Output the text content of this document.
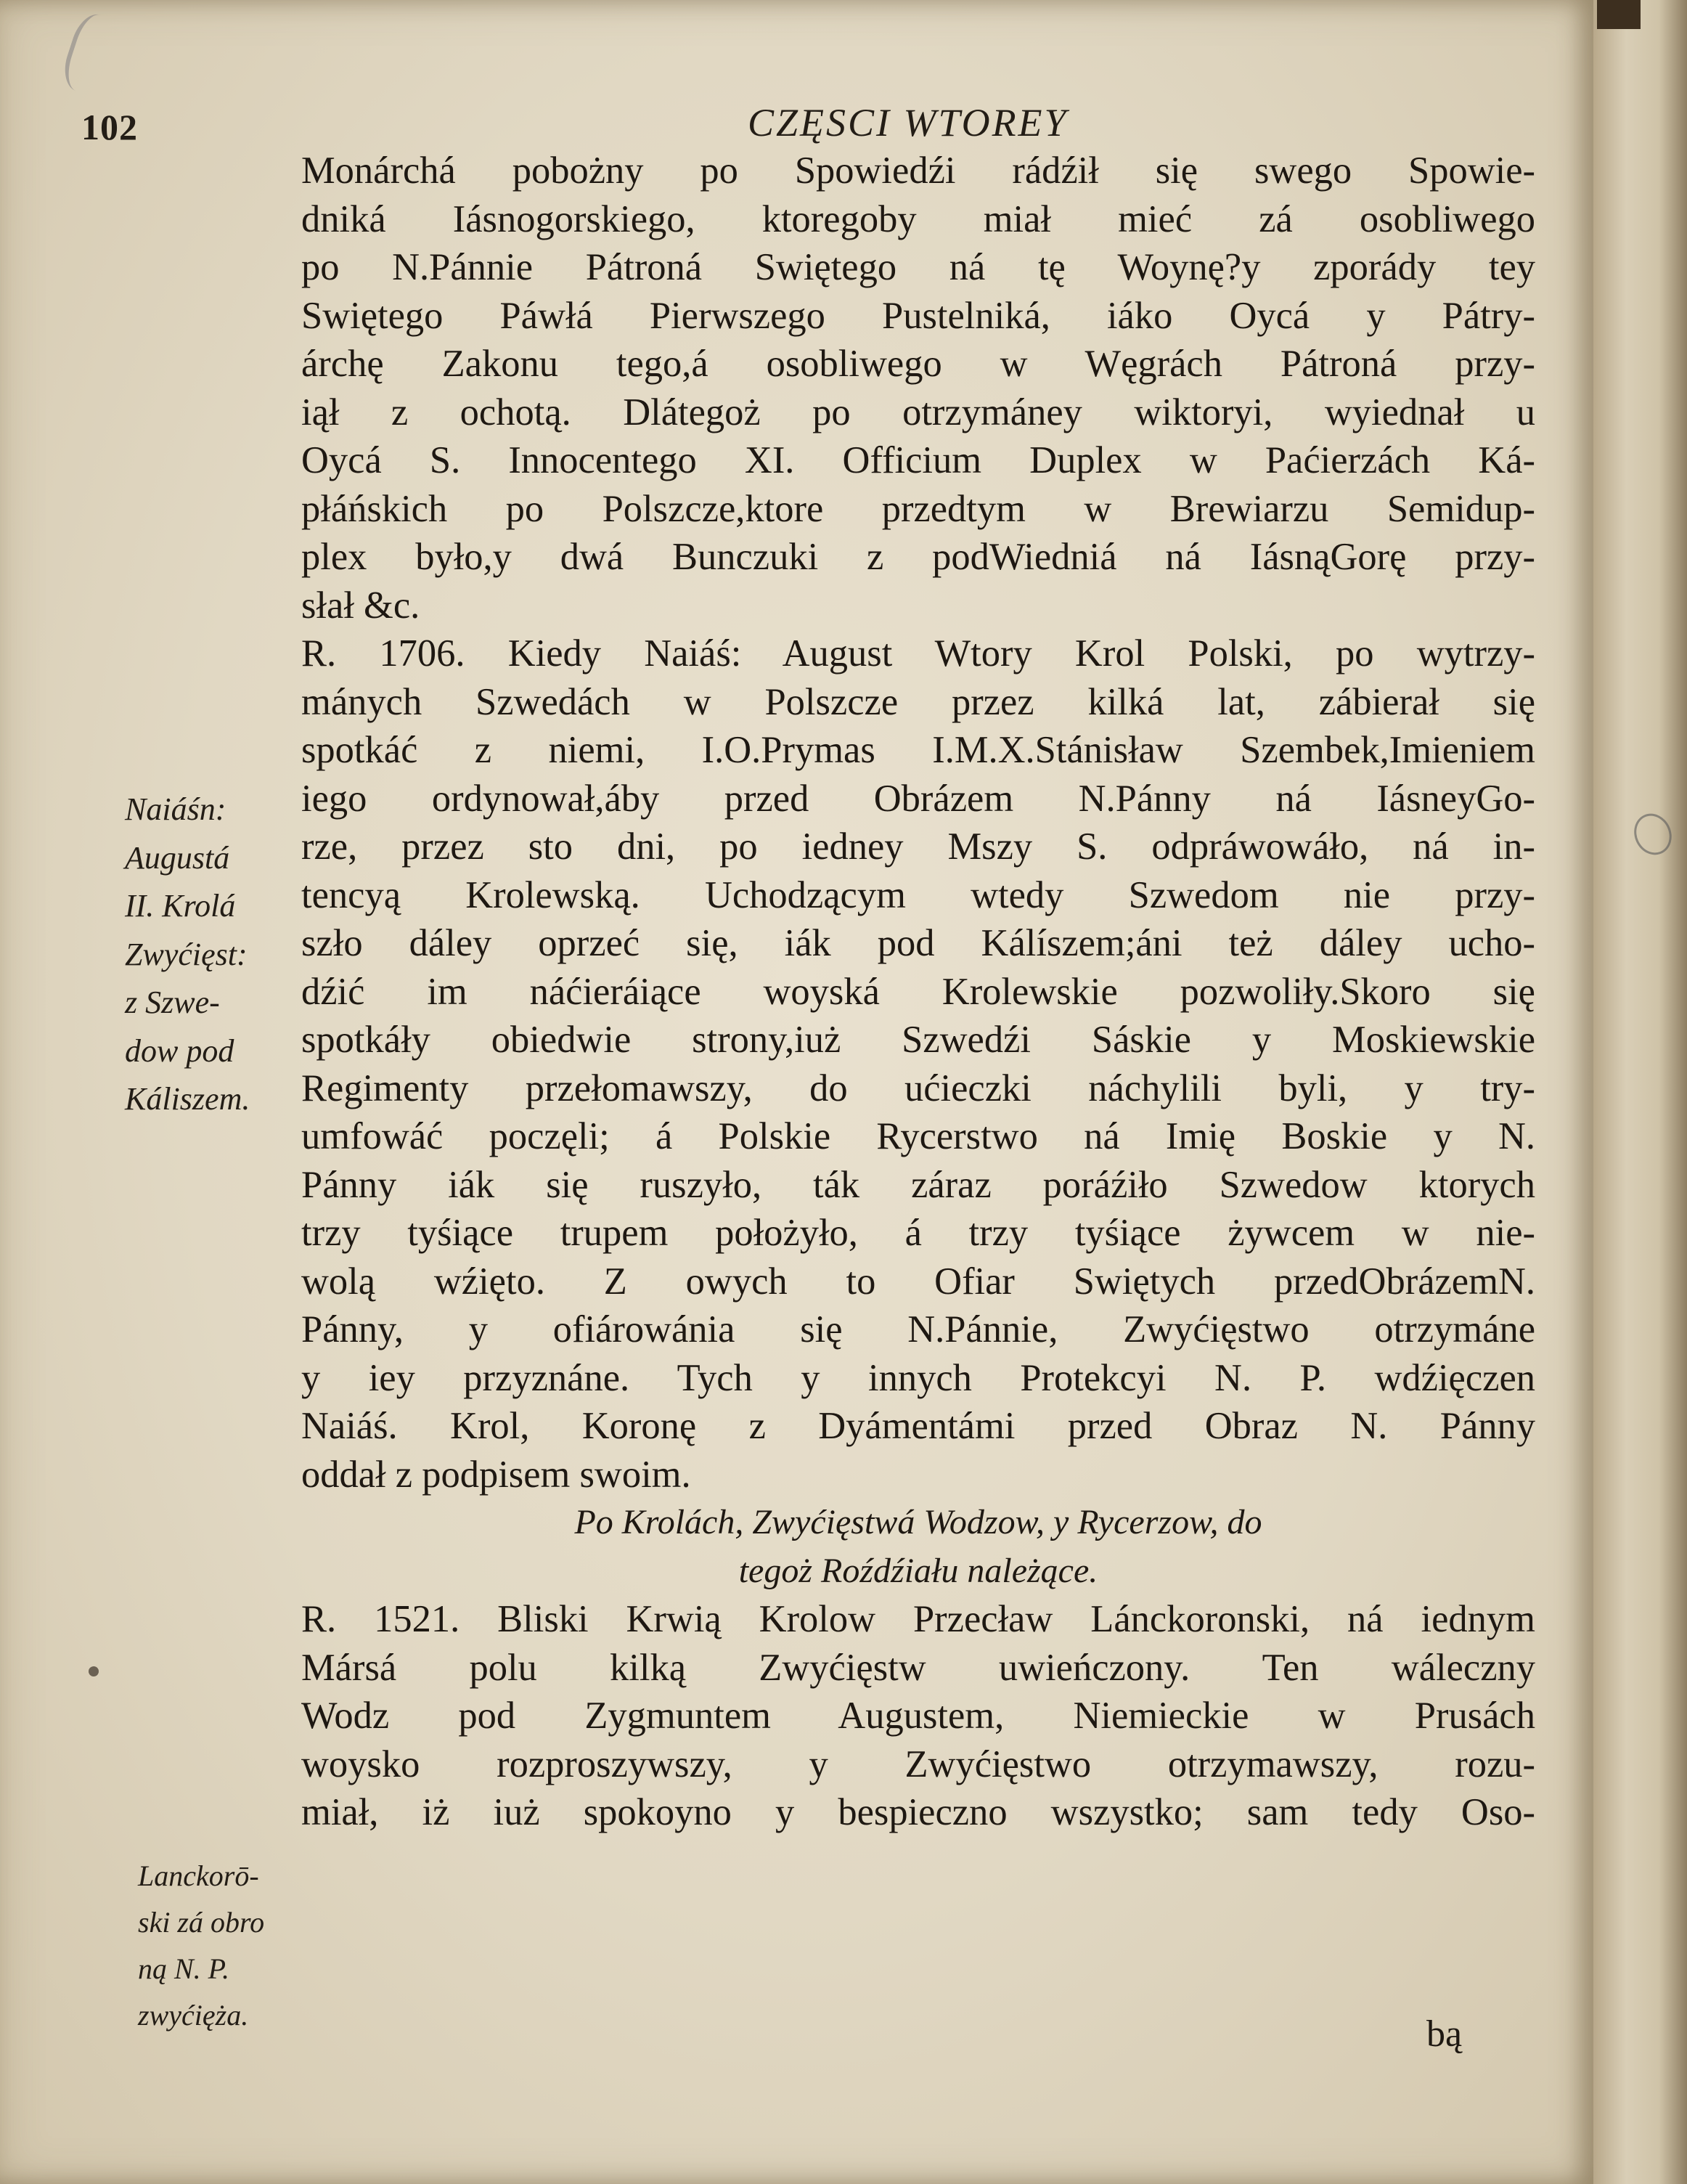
102	CZĘSCI WTOREY
Monárchá pobożny po Spowiedźi rádźił się swego Spowie-
dniká Iásnogorskiego, ktoregoby miał mieć zá osobliwego
po N.Pánnie Pátroná Swiętego ná tę Woynę?y zporády tey
Swiętego Páwłá Pierwszego Pustelniká, iáko Oycá y Pátry-
árchę Zakonu tego,á osobliwego w Węgrách Pátroná przy-
iął z ochotą. Dlátegoż po otrzymáney wiktoryi, wyiednał u
Oycá S. Innocentego XI. Officium Duplex w Paćierzách Ká-
płáńskich po Polszcze,ktore przedtym w Brewiarzu Semidup-
plex było,y dwá Bunczuki z podWiedniá ná IásnąGorę przy-
słał &c.
R. 1706. Kiedy Naiáś: August Wtory Krol Polski, po wytrzy-
mánych Szwedách w Polszcze przez kilká lat, zábierał się
spotkáć z niemi, I.O.Prymas I.M.X.Stánisław Szembek,Imieniem
iego ordynował,áby przed Obrázem N.Pánny ná IásneyGo-
rze, przez sto dni, po iedney Mszy S. odpráwowáło, ná in-
tencyą Krolewską. Uchodzącym wtedy Szwedom nie przy-
szło dáley oprzeć się, iák pod Kálíszem;áni też dáley ucho-
dźić im náćieráiące woyská Krolewskie pozwoliły.Skoro się
spotkáły obiedwie strony,iuż Szwedźi Sáskie y Moskiewskie
Regimenty przełomawszy, do ućieczki náchylili byli, y try-
umfowáć poczęli; á Polskie Rycerstwo ná Imię Boskie y N.
Pánny iák się ruszyło, ták záraz poráźiło Szwedow ktorych
trzy tyśiące trupem położyło, á trzy tyśiące żywcem w nie-
wolą wźięto. Z owych to Ofiar Swiętych przedObrázemN.
Pánny, y ofiárowánia się N.Pánnie, Zwyćięstwo otrzymáne
y iey przyznáne. Tych y innych Protekcyi N. P. wdźięczen
Naiáś. Krol, Koronę z Dyámentámi przed Obraz N. Pánny
oddał z podpisem swoim.
Po Krolách, Zwyćięstwá Wodzow, y Rycerzow, do
tegoż Roźdźiału należące.
R. 1521. Bliski Krwią Krolow Przecław Lánckoronski, ná iednym
Mársá polu kilką Zwyćięstw uwieńczony. Ten wáleczny
Wodz pod Zygmuntem Augustem, Niemieckie w Prusách
woysko rozproszywszy, y Zwyćięstwo otrzymawszy, rozu-
miał, iż iuż spokoyno y bespieczno wszystko; sam tedy Oso-
Naiáśn:
Augustá
II. Krolá
Zwyćięst:
z Szwe-
dow pod
Káliszem.
Lanckorō-
ski zá obro
ną N. P.
zwyćięża.	bą
